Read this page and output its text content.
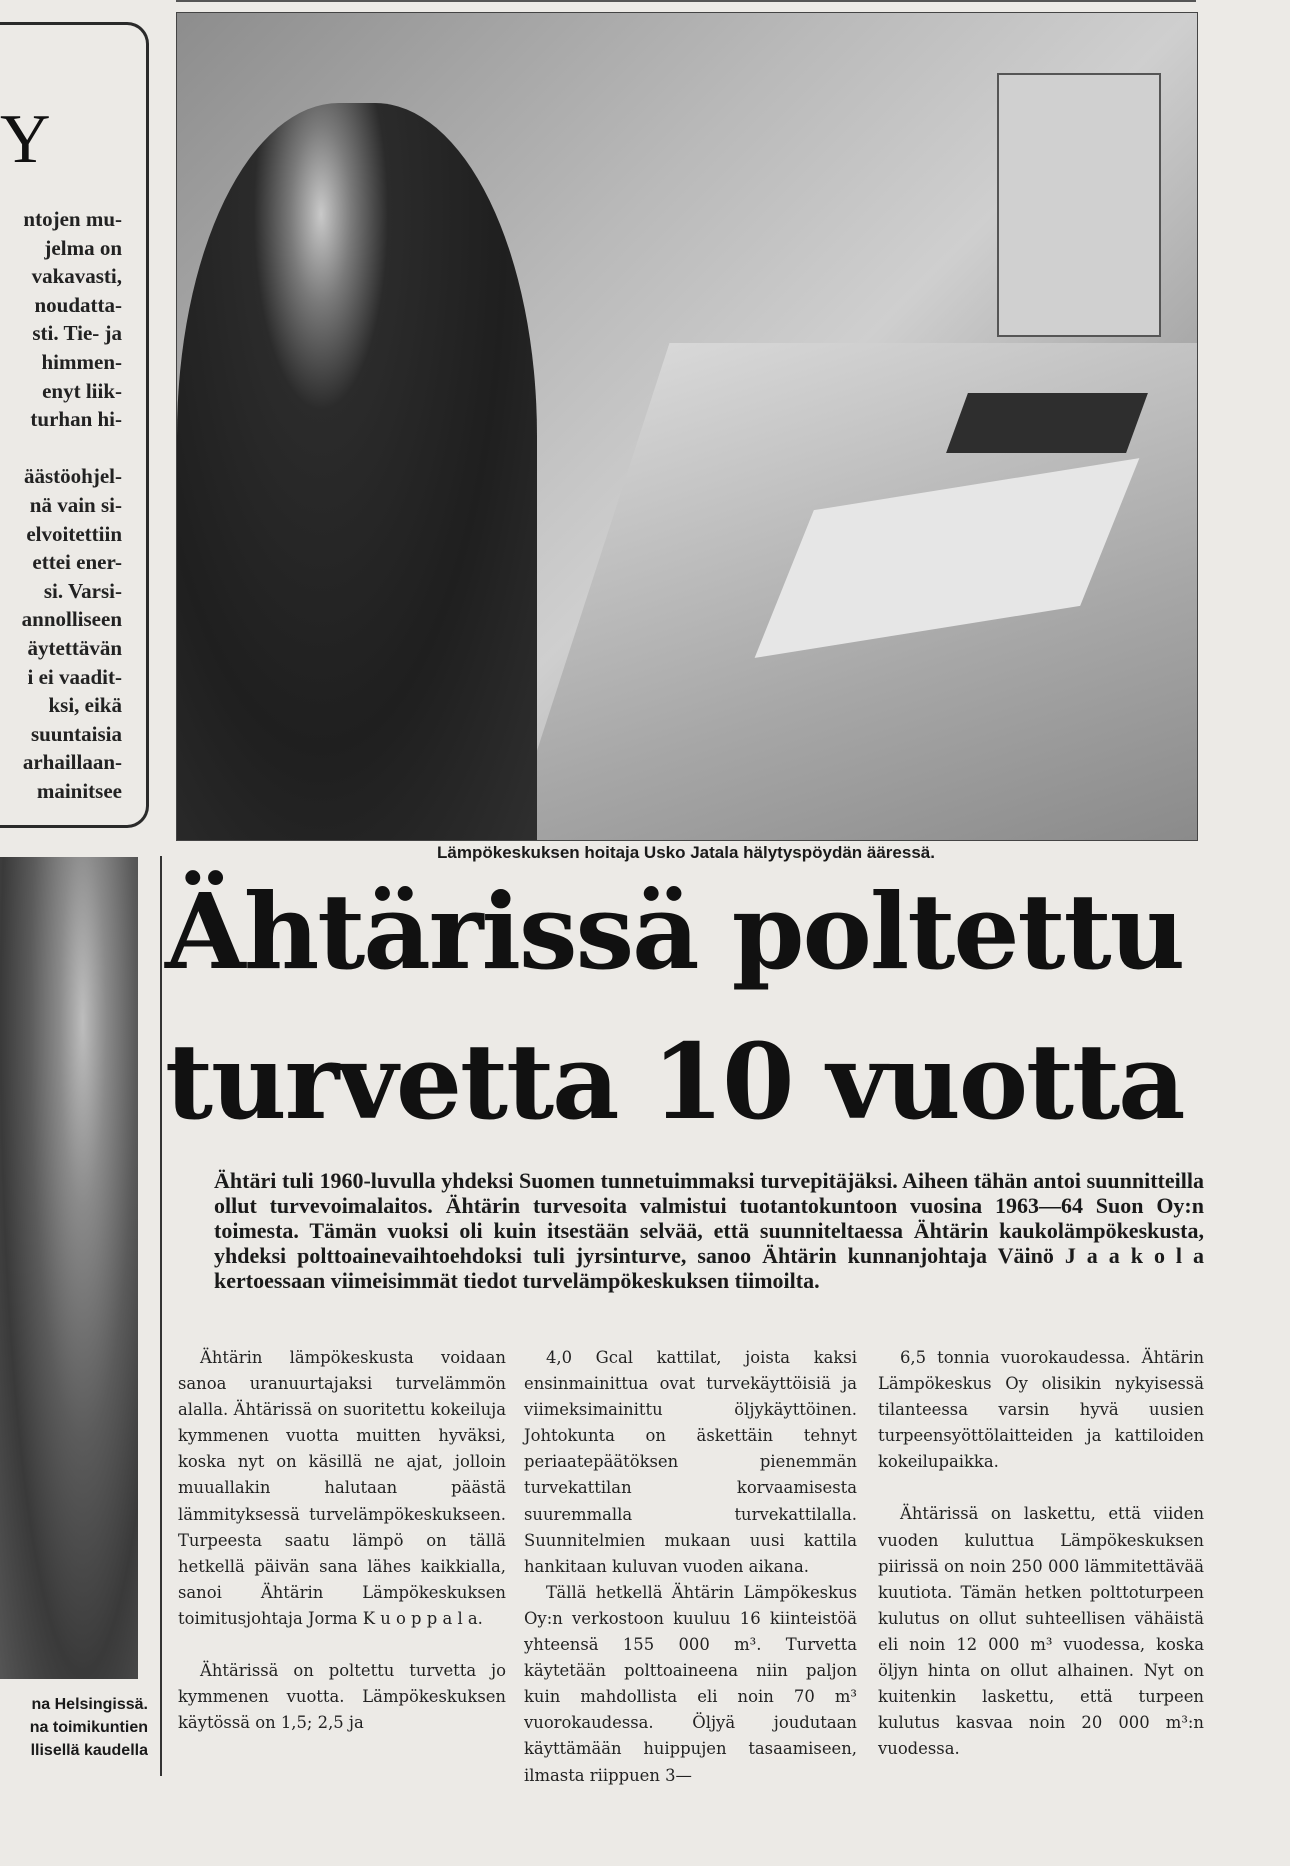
Y
ntojen mu-
jelma on
vakavasti,
noudatta-
sti. Tie- ja
himmen-
enyt liik-
turhan hi-
äästöohjel-
nä vain si-
elvoitettiin
ettei ener-
si. Varsi-
annolliseen
äytettävän
i ei vaadit-
ksi, eikä
suuntaisia
arhaillaan-
mainitsee
Lämpökeskuksen hoitaja Usko Jatala hälytyspöydän ääressä.
Ähtärissä poltettu
turvetta 10 vuotta
Ähtäri tuli 1960-luvulla yhdeksi Suomen tunnetuimmaksi turvepitäjäksi. Aiheen tähän antoi suunnitteilla ollut turvevoimalaitos. Ähtärin turvesoita valmistui tuotantokuntoon vuosina 1963—64 Suon Oy:n toimesta. Tämän vuoksi oli kuin itsestään selvää, että suunniteltaessa Ähtärin kaukolämpökeskusta, yhdeksi polttoainevaihtoehdoksi tuli jyrsinturve, sanoo Ähtärin kunnanjohtaja Väinö J a a k o l a kertoessaan viimeisimmät tiedot turvelämpökeskuksen tiimoilta.

Ähtärin lämpökeskusta voidaan sanoa uranuurtajaksi turvelämmön alalla. Ähtärissä on suoritettu kokeiluja kymmenen vuotta muitten hyväksi, koska nyt on käsillä ne ajat, jolloin muuallakin halutaan päästä lämmityksessä turvelämpökeskukseen. Turpeesta saatu lämpö on tällä hetkellä päivän sana lähes kaikkialla, sanoi Ähtärin Lämpökeskuksen toimitusjohtaja Jorma K u o p p a l a.

Ähtärissä on poltettu turvetta jo kymmenen vuotta. Lämpökeskuksen käytössä on 1,5; 2,5 ja

4,0 Gcal kattilat, joista kaksi ensinmainittua ovat turvekäyttöisiä ja viimeksimainittu öljykäyttöinen. Johtokunta on äskettäin tehnyt periaatepäätöksen pienemmän turvekattilan korvaamisesta suuremmalla turvekattilalla. Suunnitelmien mukaan uusi kattila hankitaan kuluvan vuoden aikana.

Tällä hetkellä Ähtärin Lämpökeskus Oy:n verkostoon kuuluu 16 kiinteistöä yhteensä 155 000 m³. Turvetta käytetään polttoaineena niin paljon kuin mahdollista eli noin 70 m³ vuorokaudessa. Öljyä joudutaan käyttämään huippujen tasaamiseen, ilmasta riippuen 3—

6,5 tonnia vuorokaudessa. Ähtärin Lämpökeskus Oy olisikin nykyisessä tilanteessa varsin hyvä uusien turpeensyöttölaitteiden ja kattiloiden kokeilupaikka.

Ähtärissä on laskettu, että viiden vuoden kuluttua Lämpökeskuksen piirissä on noin 250 000 lämmitettävää kuutiota. Tämän hetken polttoturpeen kulutus on ollut suhteellisen vähäistä eli noin 12 000 m³ vuodessa, koska öljyn hinta on ollut alhainen. Nyt on kuitenkin laskettu, että turpeen kulutus kasvaa noin 20 000 m³:n vuodessa.

na Helsingissä.
na toimikuntien
llisellä kaudella
